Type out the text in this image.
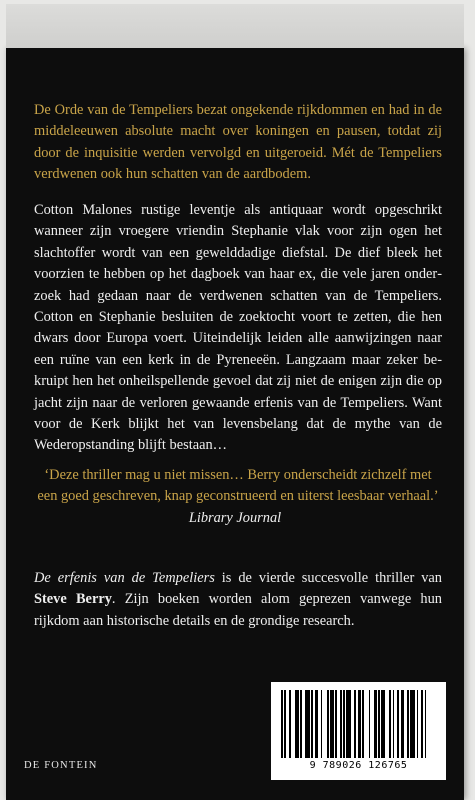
De Orde van de Tempeliers bezat ongekende rijkdommen en had in de middeleeuwen absolute macht over koningen en pausen, totdat zij door de inquisitie werden vervolgd en uitgeroeid. Mét de Tempeliers verdwenen ook hun schatten van de aardbodem.
Cotton Malones rustige leventje als antiquaar wordt opgeschrikt wanneer zijn vroegere vriendin Stephanie vlak voor zijn ogen het slachtoffer wordt van een gewelddadige diefstal. De dief bleek het voorzien te hebben op het dagboek van haar ex, die vele jaren onderzoek had gedaan naar de verdwenen schatten van de Tempeliers. Cotton en Stephanie besluiten de zoektocht voort te zetten, die hen dwars door Europa voert. Uiteindelijk leiden alle aanwijzingen naar een ruïne van een kerk in de Pyreneeën. Langzaam maar zeker bekruipt hen het onheilspellende gevoel dat zij niet de enigen zijn die op jacht zijn naar de verloren gewaande erfenis van de Tempeliers. Want voor de Kerk blijkt het van levensbelang dat de mythe van de Wederopstanding blijft bestaan…
‘Deze thriller mag u niet missen… Berry onderscheidt zichzelf met een goed geschreven, knap geconstrueerd en uiterst leesbaar verhaal.’
Library Journal
De erfenis van de Tempeliers is de vierde succesvolle thriller van Steve Berry. Zijn boeken worden alom geprezen vanwege hun rijkdom aan historische details en de grondige research.
DE FONTEIN	9 789026 126765
